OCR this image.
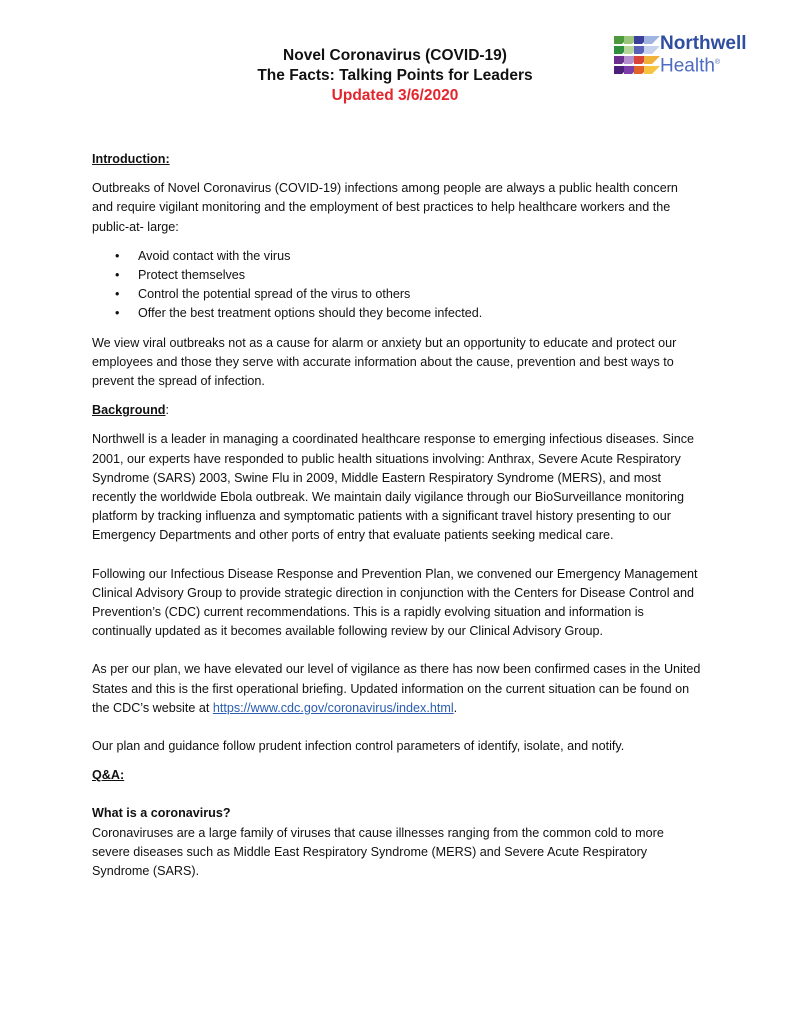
Novel Coronavirus (COVID-19)
The Facts: Talking Points for Leaders
Updated 3/6/2020
Northwell
Health®
Introduction:

Outbreaks of Novel Coronavirus (COVID-19) infections among people are always a public health concern and require vigilant monitoring and the employment of best practices to help healthcare workers and the public-at- large:

• Avoid contact with the virus
• Protect themselves
• Control the potential spread of the virus to others
• Offer the best treatment options should they become infected.

We view viral outbreaks not as a cause for alarm or anxiety but an opportunity to educate and protect our employees and those they serve with accurate information about the cause, prevention and best ways to prevent the spread of infection.

Background:

Northwell is a leader in managing a coordinated healthcare response to emerging infectious diseases. Since 2001, our experts have responded to public health situations involving: Anthrax, Severe Acute Respiratory Syndrome (SARS) 2003, Swine Flu in 2009, Middle Eastern Respiratory Syndrome (MERS), and most recently the worldwide Ebola outbreak. We maintain daily vigilance through our BioSurveillance monitoring platform by tracking influenza and symptomatic patients with a significant travel history presenting to our Emergency Departments and other ports of entry that evaluate patients seeking medical care.

Following our Infectious Disease Response and Prevention Plan, we convened our Emergency Management Clinical Advisory Group to provide strategic direction in conjunction with the Centers for Disease Control and Prevention’s (CDC) current recommendations. This is a rapidly evolving situation and information is continually updated as it becomes available following review by our Clinical Advisory Group.

As per our plan, we have elevated our level of vigilance as there has now been confirmed cases in the United States and this is the first operational briefing. Updated information on the current situation can be found on the CDC’s website at https://www.cdc.gov/coronavirus/index.html.

Our plan and guidance follow prudent infection control parameters of identify, isolate, and notify.

Q&A:
What is a coronavirus?

Coronaviruses are a large family of viruses that cause illnesses ranging from the common cold to more severe diseases such as Middle East Respiratory Syndrome (MERS) and Severe Acute Respiratory Syndrome (SARS).
